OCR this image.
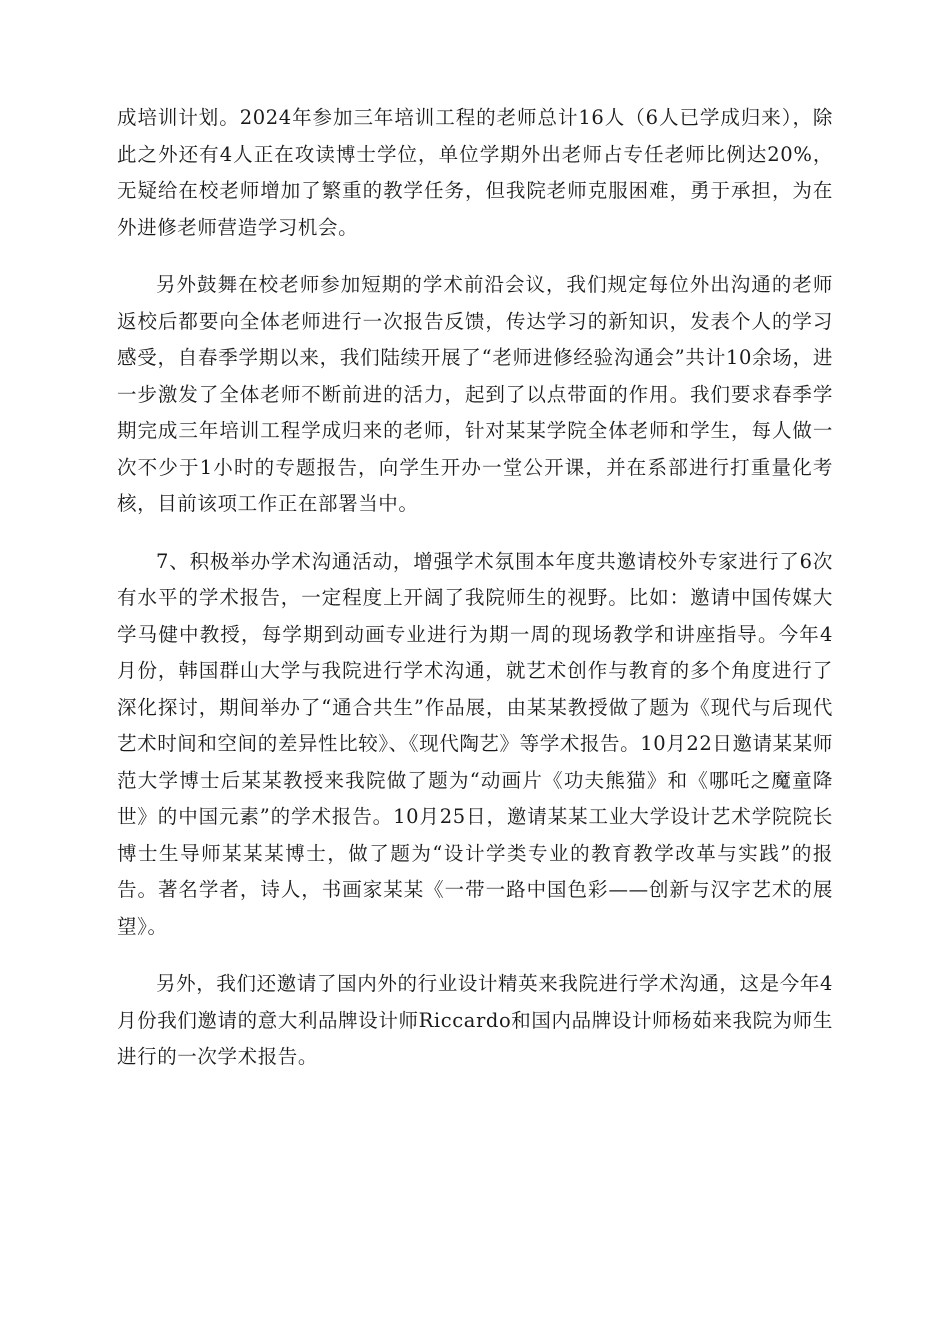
成培训计划。2024年参加三年培训工程的老师总计16人（6人已学成归来），除此之外还有4人正在攻读博士学位，单位学期外出老师占专任老师比例达20%，无疑给在校老师增加了繁重的教学任务，但我院老师克服困难，勇于承担，为在外进修老师营造学习机会。

另外鼓舞在校老师参加短期的学术前沿会议，我们规定每位外出沟通的老师返校后都要向全体老师进行一次报告反馈，传达学习的新知识，发表个人的学习感受，自春季学期以来，我们陆续开展了“老师进修经验沟通会”共计10余场，进一步激发了全体老师不断前进的活力，起到了以点带面的作用。我们要求春季学期完成三年培训工程学成归来的老师，针对某某学院全体老师和学生，每人做一次不少于1小时的专题报告，向学生开办一堂公开课，并在系部进行打重量化考核，目前该项工作正在部署当中。

7、积极举办学术沟通活动，增强学术氛围本年度共邀请校外专家进行了6次有水平的学术报告，一定程度上开阔了我院师生的视野。比如：邀请中国传媒大学马健中教授，每学期到动画专业进行为期一周的现场教学和讲座指导。今年4月份，韩国群山大学与我院进行学术沟通，就艺术创作与教育的多个角度进行了深化探讨，期间举办了“通合共生”作品展，由某某教授做了题为《现代与后现代艺术时间和空间的差异性比较》、《现代陶艺》等学术报告。10月22日邀请某某师范大学博士后某某教授来我院做了题为“动画片《功夫熊猫》和《哪吒之魔童降世》的中国元素”的学术报告。10月25日，邀请某某工业大学设计艺术学院院长博士生导师某某某博士，做了题为“设计学类专业的教育教学改革与实践”的报告。著名学者，诗人，书画家某某《一带一路中国色彩——创新与汉字艺术的展望》。

另外，我们还邀请了国内外的行业设计精英来我院进行学术沟通，这是今年4月份我们邀请的意大利品牌设计师Riccardo和国内品牌设计师杨茹来我院为师生进行的一次学术报告。
